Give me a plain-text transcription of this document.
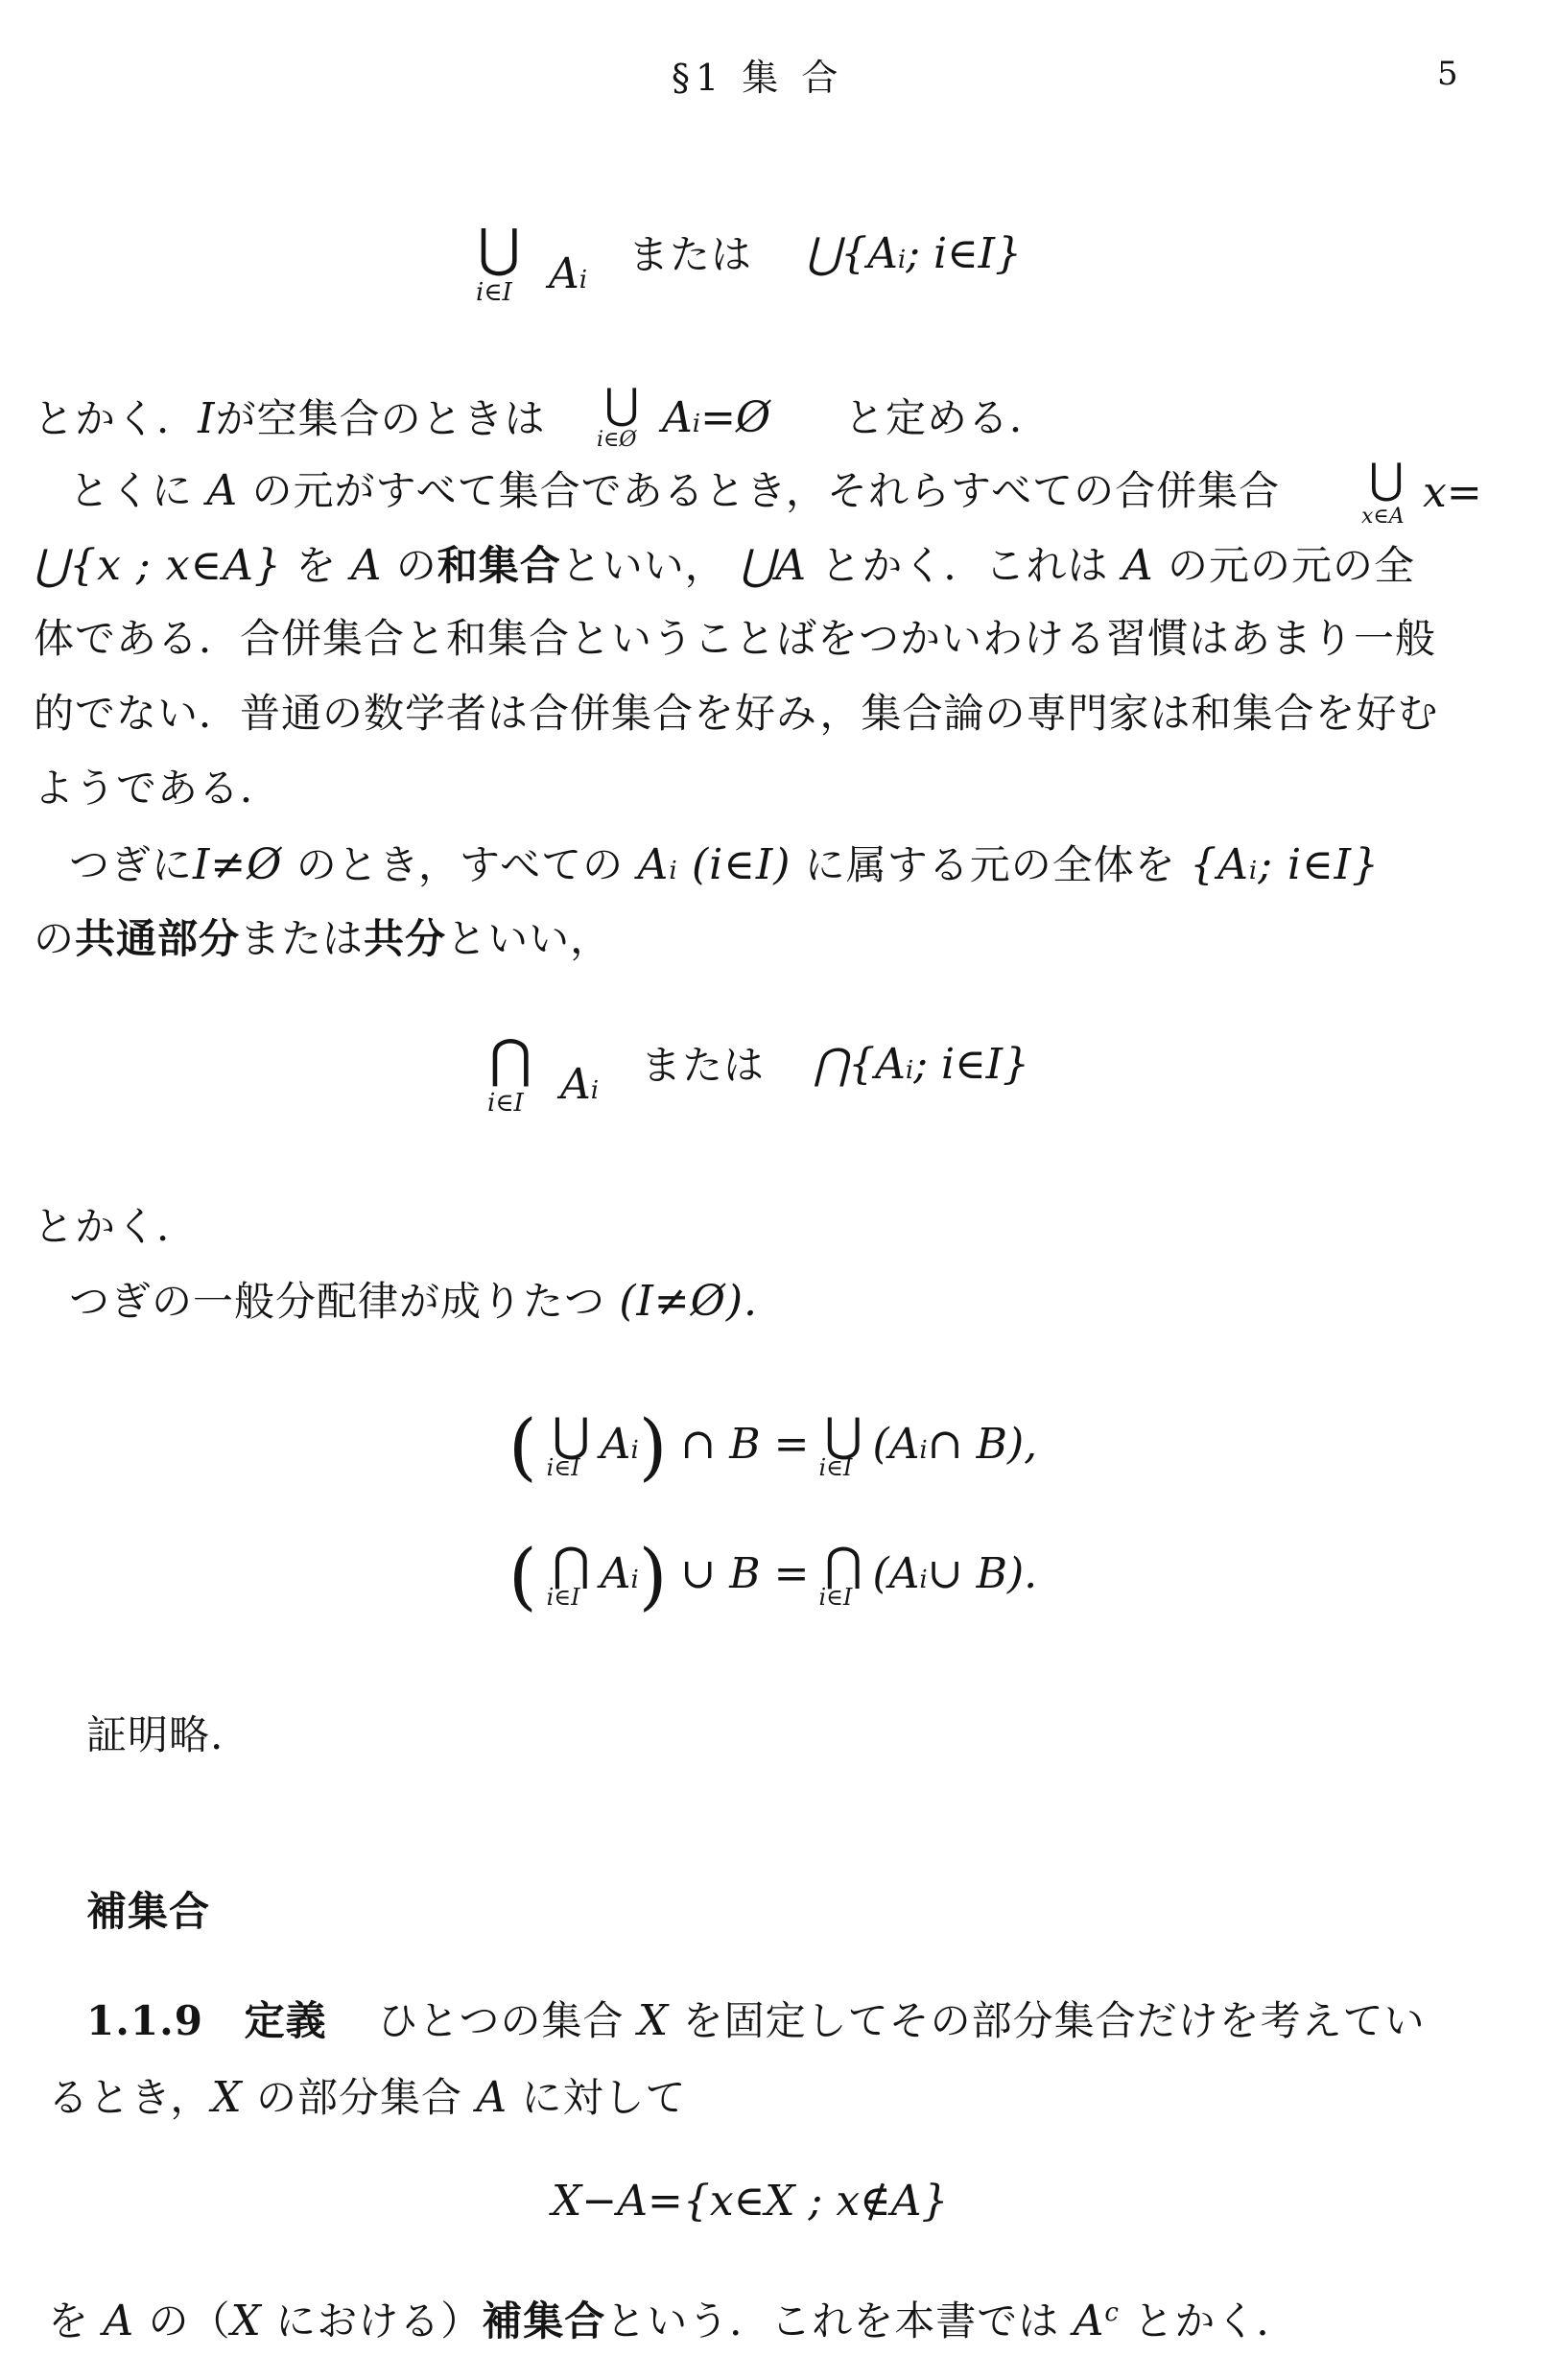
§1 集 合	5
⋃
i∈I Ai
または ⋃{Ai; i∈I}
とかく．Iが空集合のときは ⋃
i∈Ø Ai=Ø と定める．
とくに A の元がすべて集合であるとき，それらすべての合併集合 ⋃
x∈A x=
⋃{x ; x∈A} を A の和集合といい， ⋃A とかく．これは A の元の元の全
体である．合併集合と和集合ということばをつかいわける習慣はあまり一般
的でない．普通の数学者は合併集合を好み，集合論の専門家は和集合を好む
ようである．
つぎにI≠Ø のとき，すべての Ai (i∈I) に属する元の全体を {Ai; i∈I}
の共通部分または共分といい，
⋂
i∈I Ai
または ⋂{Ai; i∈I}
とかく．
つぎの一般分配律が成りたつ (I≠Ø).
( ⋃
i∈I Ai) ∩ B = ⋃
i∈I (Ai∩ B),
( ⋂
i∈I Ai) ∪ B = ⋂
i∈I (Ai∪ B).
証明略.
補集合
1.1.9 定義 ひとつの集合 X を固定してその部分集合だけを考えてい
るとき，X の部分集合 A に対して
X−A={x∈X ; x∉A}
を A の（X における）補集合という．これを本書では $A^c$ とかく．
